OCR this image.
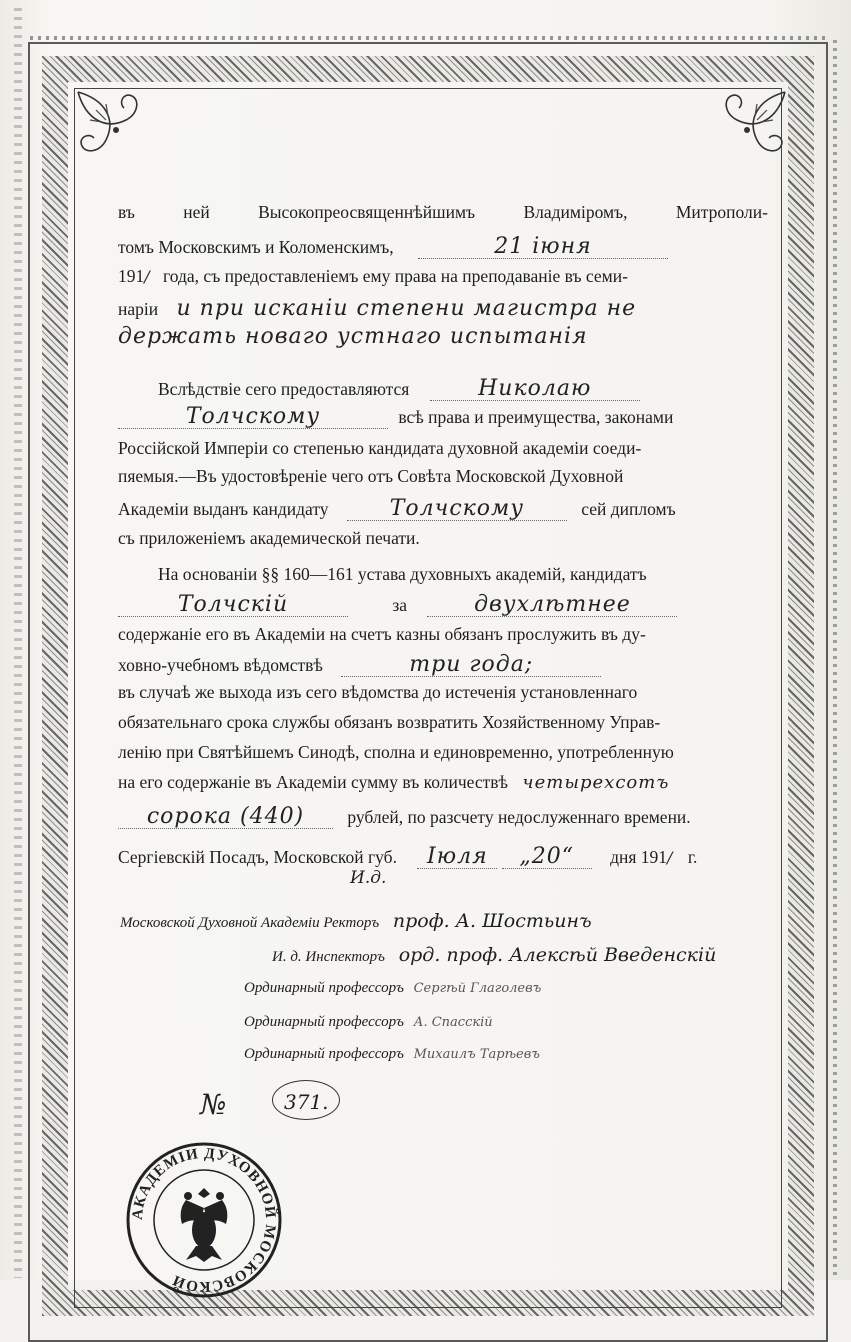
въ	ней	Высокопреосвященнѣйшимъ	Владиміромъ,	Митрополи-
томъ Московскимъ и Коломенскимъ,	21 іюня
191/ года, съ предоставленіемъ ему права на преподаваніе въ семи-
наріи и при исканіи степени магистра не
держать новаго устнаго испытанія
Вслѣдствіе сего предоставляются	Николаю
Толчскому	всѣ права и преимущества, законами
Россійской Имперіи со степенью кандидата духовной академіи соеди-
пяемыя.—Въ удостовѣреніе чего отъ Совѣта Московской Духовной
Академіи выданъ кандидату	Толчскому	сей дипломъ
съ приложеніемъ академической печати.
На основаніи §§ 160—161 устава духовныхъ академій, кандидатъ
Толчскій	за	двухлѣтнее
содержаніе его въ Академіи на счетъ казны обязанъ прослужить въ ду-
ховно-учебномъ вѣдомствѣ	три года;
въ случаѣ же выхода изъ сего вѣдомства до истеченія установленнаго
обязательнаго срока службы обязанъ возвратить Хозяйственному Управ-
ленію при Святѣйшемъ Синодѣ, сполна и единовременно, употребленную
на его содержаніе въ Академіи сумму въ количествѣ четырехсотъ
сорока (440) рублей, по разсчету недослуженнаго времени.
Сергіевскій Посадъ, Московской губ. Іюля „20“ дня 191/ г.
И.д.
Московской Духовной Академіи Ректоръ проф. А. Шостьинъ
И. д. Инспекторъ орд. проф. Алексѣй Введенскій
Ординарный профессоръ Сергѣй Глаголевъ
Ординарный профессоръ А. Спасскій
Ординарный профессоръ Михаилъ Тарѣевъ
№	371.
АКАДЕМІИ ДУХОВНОЙ МОСКОВСКОЙ
